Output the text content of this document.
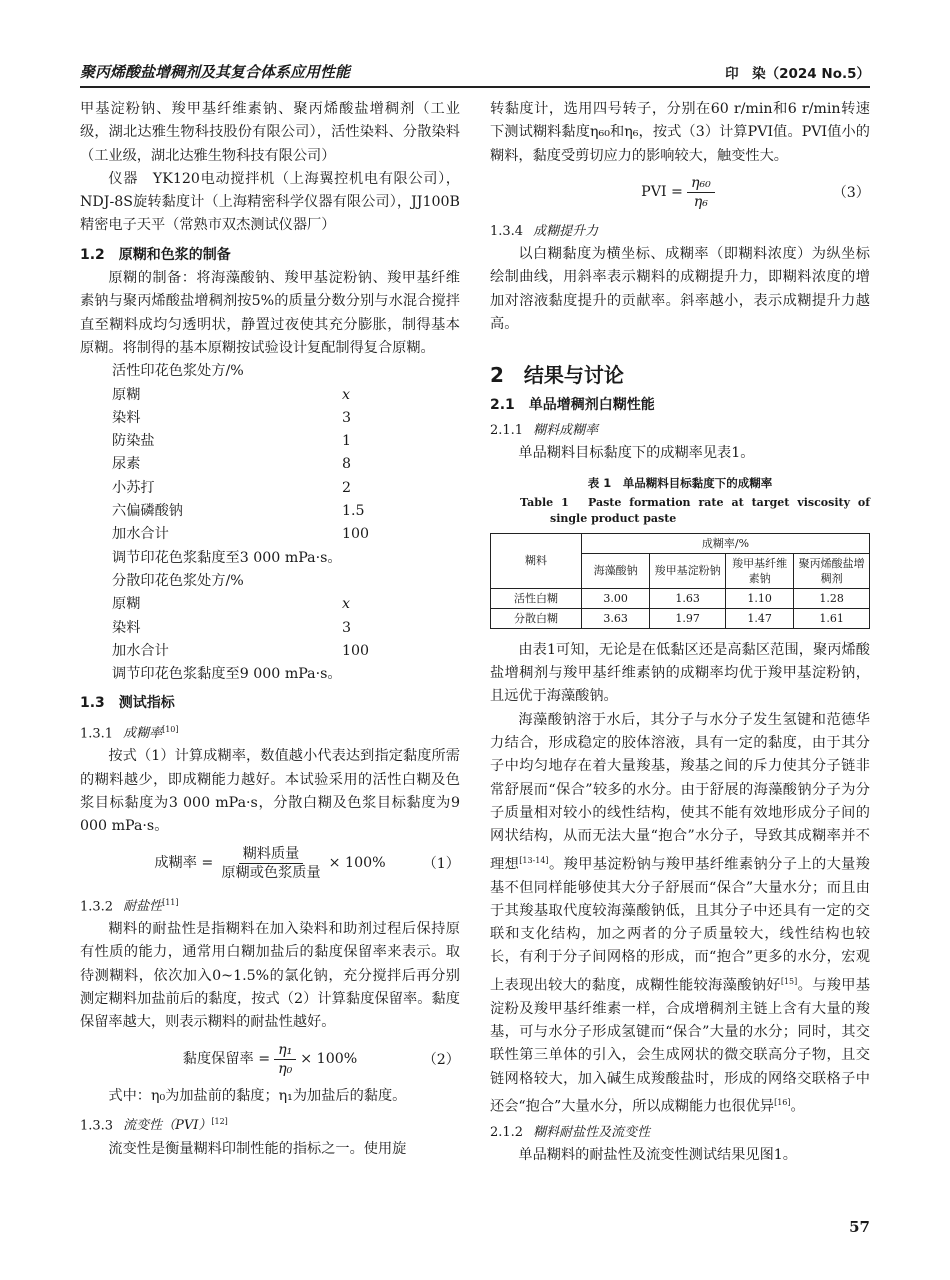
聚丙烯酸盐增稠剂及其复合体系应用性能	印　染（2024 No.5）

甲基淀粉钠、羧甲基纤维素钠、聚丙烯酸盐增稠剂（工业级，湖北达雅生物科技股份有限公司），活性染料、分散染料（工业级，湖北达雅生物科技有限公司）

仪器　YK120电动搅拌机（上海翼控机电有限公司），NDJ-8S旋转黏度计（上海精密科学仪器有限公司），JJ100B精密电子天平（常熟市双杰测试仪器厂）

1.2　原糊和色浆的制备

原糊的制备：将海藻酸钠、羧甲基淀粉钠、羧甲基纤维素钠与聚丙烯酸盐增稠剂按5%的质量分数分别与水混合搅拌直至糊料成均匀透明状，静置过夜使其充分膨胀，制得基本原糊。将制得的基本原糊按试验设计复配制得复合原糊。

活性印花色浆处方/%
原糊	x
染料	3
防染盐	1
尿素	8
小苏打	2
六偏磷酸钠	1.5
加水合计	100
调节印花色浆黏度至3 000 mPa·s。
分散印花色浆处方/%
原糊	x
染料	3
加水合计	100
调节印花色浆黏度至9 000 mPa·s。
1.3　测试指标
1.3.1 成糊率[10]

按式（1）计算成糊率，数值越小代表达到指定黏度所需的糊料越少，即成糊能力越好。本试验采用的活性白糊及色浆目标黏度为3 000 mPa·s，分散白糊及色浆目标黏度为9 000 mPa·s。

成糊率 = $\frac{\text{糊料质量}}{\text{原糊或色浆质量}} \times 100\%$	（1）
1.3.2 耐盐性[11]

糊料的耐盐性是指糊料在加入染料和助剂过程后保持原有性质的能力，通常用白糊加盐后的黏度保留率来表示。取待测糊料，依次加入0~1.5%的氯化钠，充分搅拌后再分别测定糊料加盐前后的黏度，按式（2）计算黏度保留率。黏度保留率越大，则表示糊料的耐盐性越好。

黏度保留率 = $\frac{\text{η₁}}{\text{η₀}} \times 100\%$	（2）

式中：η₀为加盐前的黏度；η₁为加盐后的黏度。

1.3.3 流变性（PVI）[12]

流变性是衡量糊料印制性能的指标之一。使用旋

转黏度计，选用四号转子，分别在60 r/min和6 r/min转速下测试糊料黏度η₆₀和η₆，按式（3）计算PVI值。PVI值小的糊料，黏度受剪切应力的影响较大，触变性大。

PVI = $\frac{\text{η₆₀}}{\text{η₆}}$	（3）
1.3.4 成糊提升力

以白糊黏度为横坐标、成糊率（即糊料浓度）为纵坐标绘制曲线，用斜率表示糊料的成糊提升力，即糊料浓度的增加对溶液黏度提升的贡献率。斜率越小，表示成糊提升力越高。

2　结果与讨论
2.1　单品增稠剂白糊性能
2.1.1 糊料成糊率

单品糊料目标黏度下的成糊率见表1。

表 1　单品糊料目标黏度下的成糊率
Table 1　Paste formation rate at target viscosity of single product paste
糊料	成糊率/%			
	海藻酸钠	羧甲基淀粉钠	羧甲基纤维素钠	聚丙烯酸盐增稠剂
活性白糊	3.00	1.63	1.10	1.28
分散白糊	3.63	1.97	1.47	1.61

由表1可知，无论是在低黏区还是高黏区范围，聚丙烯酸盐增稠剂与羧甲基纤维素钠的成糊率均优于羧甲基淀粉钠，且远优于海藻酸钠。

海藻酸钠溶于水后，其分子与水分子发生氢键和范德华力结合，形成稳定的胶体溶液，具有一定的黏度，由于其分子中均匀地存在着大量羧基，羧基之间的斥力使其分子链非常舒展而“保合”较多的水分。由于舒展的海藻酸钠分子为分子质量相对较小的线性结构，使其不能有效地形成分子间的网状结构，从而无法大量“抱合”水分子，导致其成糊率并不理想[13-14]。羧甲基淀粉钠与羧甲基纤维素钠分子上的大量羧基不但同样能够使其大分子舒展而“保合”大量水分；而且由于其羧基取代度较海藻酸钠低，且其分子中还具有一定的交联和支化结构，加之两者的分子质量较大，线性结构也较长，有利于分子间网格的形成，而“抱合”更多的水分，宏观上表现出较大的黏度，成糊性能较海藻酸钠好[15]。与羧甲基淀粉及羧甲基纤维素一样，合成增稠剂主链上含有大量的羧基，可与水分子形成氢键而“保合”大量的水分；同时，其交联性第三单体的引入，会生成网状的微交联高分子物，且交链网格较大，加入碱生成羧酸盐时，形成的网络交联格子中还会“抱合”大量水分，所以成糊能力也很优异[16]。

2.1.2 糊料耐盐性及流变性

单品糊料的耐盐性及流变性测试结果见图1。

57
